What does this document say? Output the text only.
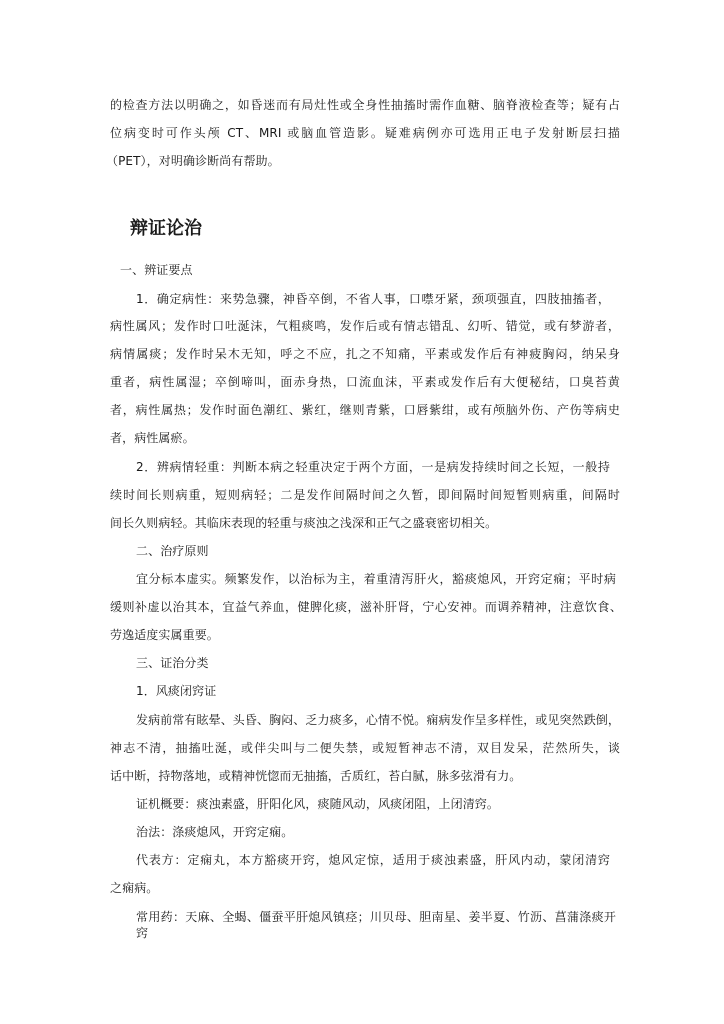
的检查方法以明确之，如昏迷而有局灶性或全身性抽搐时需作血糖、脑脊液检查等；疑有占
位病变时可作头颅 CT、MRI 或脑血管造影。疑难病例亦可选用正电子发射断层扫描
（PET），对明确诊断尚有帮助。
辩证论治
一、辨证要点
1．确定病性：来势急骤，神昏卒倒，不省人事，口噤牙紧，颈项强直，四肢抽搐者，
病性属风；发作时口吐涎沫，气粗痰鸣，发作后或有情志错乱、幻听、错觉，或有梦游者，
病情属痰；发作时呆木无知，呼之不应，扎之不知痛，平素或发作后有神疲胸闷，纳呆身
重者，病性属湿；卒倒啼叫，面赤身热，口流血沫，平素或发作后有大便秘结，口臭苔黄
者，病性属热；发作时面色潮红、紫红，继则青紫，口唇紫绀，或有颅脑外伤、产伤等病史
者，病性属瘀。
2．辨病情轻重：判断本病之轻重决定于两个方面，一是病发持续时间之长短，一般持
续时间长则病重，短则病轻；二是发作间隔时间之久暂，即间隔时间短暂则病重，间隔时
间长久则病轻。其临床表现的轻重与痰浊之浅深和正气之盛衰密切相关。
二、治疗原则
宜分标本虚实。频繁发作，以治标为主，着重清泻肝火，豁痰熄风，开窍定痫；平时病
缓则补虚以治其本，宜益气养血，健脾化痰，滋补肝肾，宁心安神。而调养精神，注意饮食、
劳逸适度实属重要。
三、证治分类
1．风痰闭窍证
发病前常有眩晕、头昏、胸闷、乏力痰多，心情不悦。痫病发作呈多样性，或见突然跌倒，
神志不清，抽搐吐涎，或伴尖叫与二便失禁，或短暂神志不清，双目发呆，茫然所失，谈
话中断，持物落地，或精神恍惚而无抽搐，舌质红，苔白腻，脉多弦滑有力。
证机概要：痰浊素盛，肝阳化风，痰随风动，风痰闭阻，上闭清窍。
治法：涤痰熄风，开窍定痫。
代表方：定痫丸，本方豁痰开窍，熄风定惊，适用于痰浊素盛，肝风内动，蒙闭清窍
之痫病。
常用药：天麻、全蝎、僵蚕平肝熄风镇痉；川贝母、胆南星、姜半夏、竹沥、菖蒲涤痰开窍
